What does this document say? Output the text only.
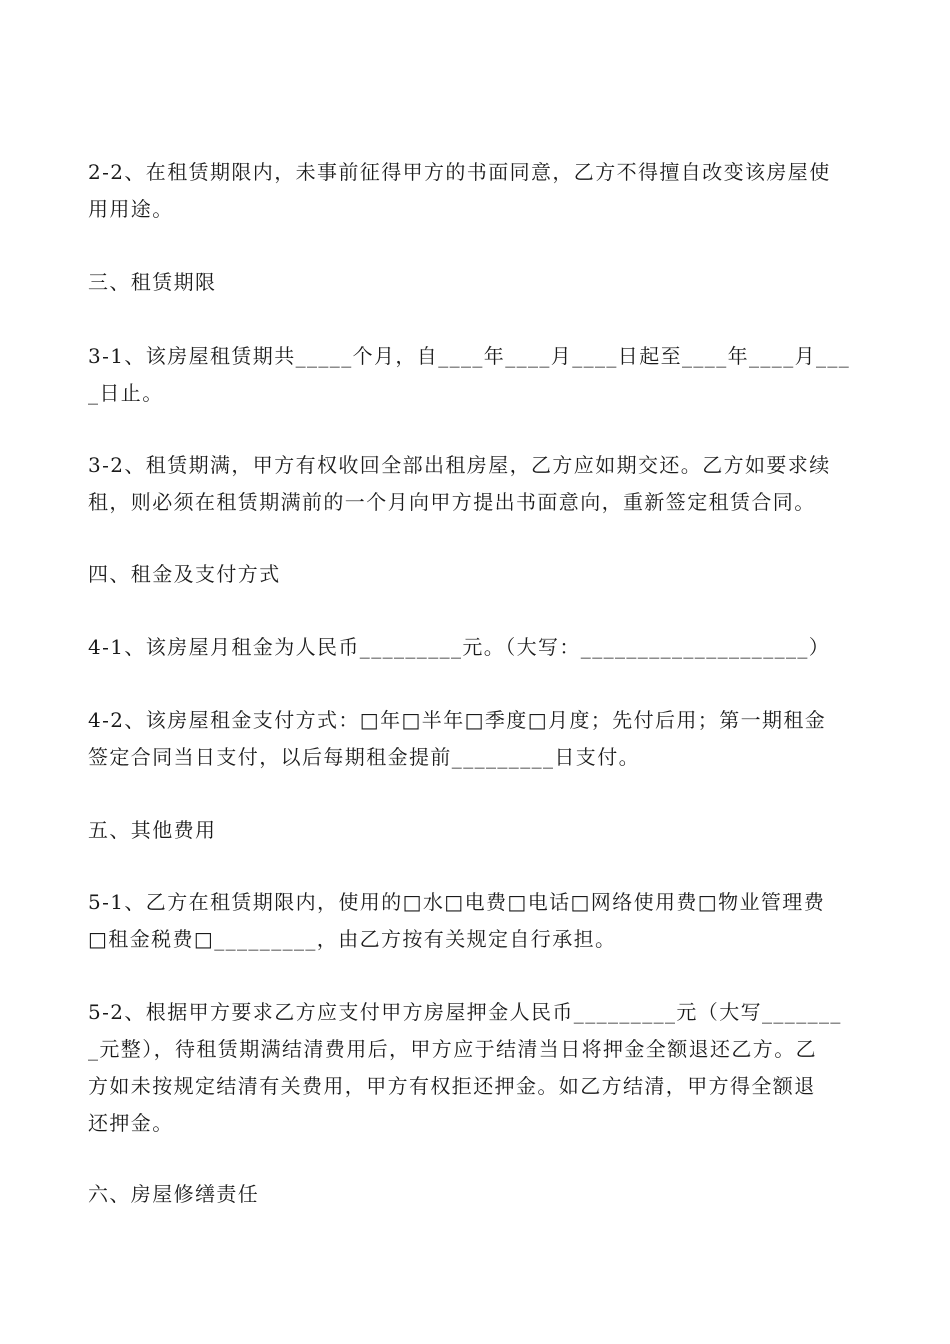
2-2、在租赁期限内，未事前征得甲方的书面同意，乙方不得擅自改变该房屋使
用用途。

三、租赁期限

3-1、该房屋租赁期共_____个月，自____年____月____日起至____年____月___
_日止。

3-2、租赁期满，甲方有权收回全部出租房屋，乙方应如期交还。乙方如要求续
租，则必须在租赁期满前的一个月向甲方提出书面意向，重新签定租赁合同。

四、租金及支付方式

4-1、该房屋月租金为人民币_________元。（大写：____________________）

4-2、该房屋租金支付方式：□年□半年□季度□月度；先付后用；第一期租金
签定合同当日支付，以后每期租金提前_________日支付。

五、其他费用

5-1、乙方在租赁期限内，使用的□水□电费□电话□网络使用费□物业管理费
□租金税费□_________，由乙方按有关规定自行承担。

5-2、根据甲方要求乙方应支付甲方房屋押金人民币_________元（大写_______
_元整），待租赁期满结清费用后，甲方应于结清当日将押金全额退还乙方。乙
方如未按规定结清有关费用，甲方有权拒还押金。如乙方结清，甲方得全额退
还押金。

六、房屋修缮责任
